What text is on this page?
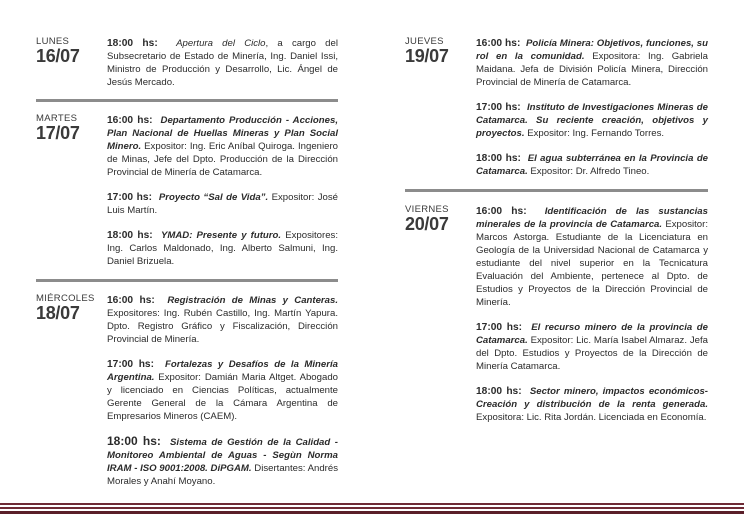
LUNES
16/07

18:00 hs: Apertura del Ciclo, a cargo del Subsecretario de Estado de Minería, Ing. Daniel Issi, Ministro de Producción y Desarrollo, Lic. Ángel de Jesús Mercado.

MARTES
17/07

16:00 hs: Departamento Producción - Acciones, Plan Nacional de Huellas Mineras y Plan Social Minero. Expositor: Ing. Eric Aníbal Quiroga. Ingeniero de Minas, Jefe del Dpto. Producción de la Dirección Provincial de Minería de Catamarca.

17:00 hs: Proyecto “Sal de Vida”. Expositor: José Luis Martín.

18:00 hs: YMAD: Presente y futuro. Expositores: Ing. Carlos Maldonado, Ing. Alberto Salmuni, Ing. Daniel Brizuela.

MIÉRCOLES
18/07

16:00 hs: Registración de Minas y Canteras. Expositores: Ing. Rubén Castillo, Ing. Martín Yapura. Dpto. Registro Gráfico y Fiscalización, Dirección Provincial de Minería.

17:00 hs: Fortalezas y Desafíos de la Minería Argentina. Expositor: Damián Maria Altget. Abogado y licenciado en Ciencias Políticas, actualmente Gerente General de la Cámara Argentina de Empresarios Mineros (CAEM).

18:00 hs: Sistema de Gestión de la Calidad - Monitoreo Ambiental de Aguas - Segùn Norma IRAM - ISO 9001:2008. DiPGAM. Disertantes: Andrés Morales y Anahí Moyano.

JUEVES
19/07

16:00 hs: Policía Minera: Objetivos, funciones, su rol en la comunidad. Expositora: Ing. Gabriela Maidana. Jefa de División Policía Minera, Dirección Provincial de Minería de Catamarca.

17:00 hs: Instituto de Investigaciones Mineras de Catamarca. Su reciente creación, objetivos y proyectos. Expositor: Ing. Fernando Torres.

18:00 hs: El agua subterránea en la Provincia de Catamarca. Expositor: Dr. Alfredo Tineo.

VIERNES
20/07

16:00 hs: Identificación de las sustancias minerales de la provincia de Catamarca. Expositor: Marcos Astorga. Estudiante de la Licenciatura en Geología de la Universidad Nacional de Catamarca y estudiante del nivel superior en la Tecnicatura Evaluación del Ambiente, pertenece al Dpto. de Estudios y Proyectos de la Dirección Provincial de Minería.

17:00 hs: El recurso minero de la provincia de Catamarca. Expositor: Lic. María Isabel Almaraz. Jefa del Dpto. Estudios y Proyectos de la Dirección de Minería Catamarca.

18:00 hs: Sector minero, impactos económicos- Creación y distribución de la renta generada. Expositora: Lic. Rita Jordán. Licenciada en Economía.
